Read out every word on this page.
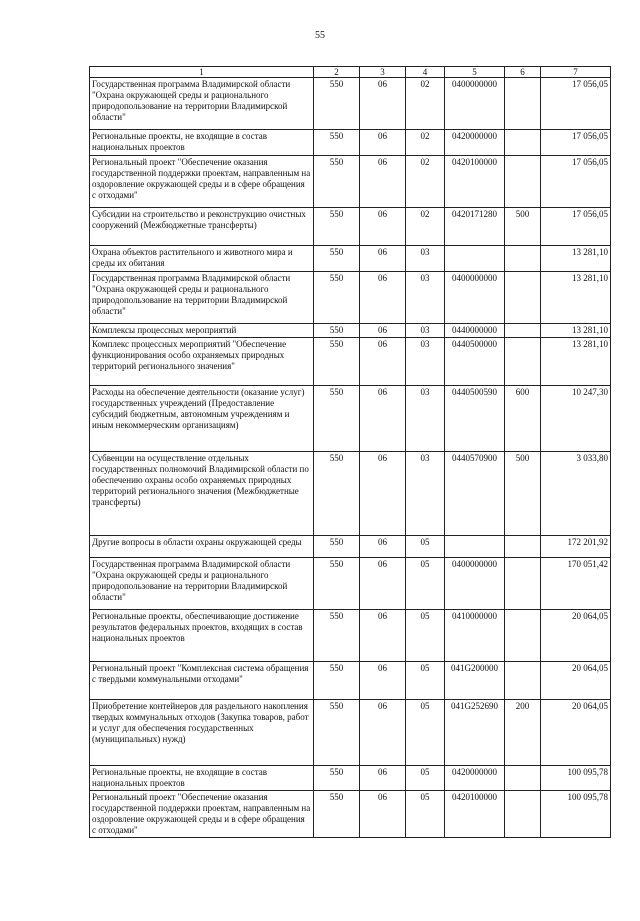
55
1	2	3	4	5	6	7
Государственная программа Владимирской области "Охрана окружающей среды и рационального природопользование на территории Владимирской области"	550	06	02	0400000000		17 056,05
Региональные проекты, не входящие в состав национальных проектов	550	06	02	0420000000		17 056,05
Региональный проект "Обеспечение оказания государственной поддержки проектам, направленным на оздоровление окружающей среды и в сфере обращения с отходами"	550	06	02	0420100000		17 056,05
Субсидии на строительство и реконструкцию очистных сооружений (Межбюджетные трансферты)	550	06	02	0420171280	500	17 056,05
Охрана объектов растительного и животного мира и среды их обитания	550	06	03			13 281,10
Государственная программа Владимирской области "Охрана окружающей среды и рационального природопользование на территории Владимирской области"	550	06	03	0400000000		13 281,10
Комплексы процессных мероприятий	550	06	03	0440000000		13 281,10
Комплекс процессных мероприятий "Обеспечение функционирования особо охраняемых природных территорий регионального значения"	550	06	03	0440500000		13 281,10
Расходы на обеспечение деятельности (оказание услуг) государственных учреждений (Предоставление субсидий бюджетным, автономным учреждениям и иным некоммерческим организациям)	550	06	03	0440500590	600	10 247,30
Субвенции на осуществление отдельных государственных полномочий Владимирской области по обеспечению охраны особо охраняемых природных территорий регионального значения (Межбюджетные трансферты)	550	06	03	0440570900	500	3 033,80
Другие вопросы в области охраны окружающей среды	550	06	05			172 201,92
Государственная программа Владимирской области "Охрана окружающей среды и рационального природопользование на территории Владимирской области"	550	06	05	0400000000		170 051,42
Региональные проекты, обеспечивающие достижение результатов федеральных проектов, входящих в состав национальных проектов	550	06	05	0410000000		20 064,05
Региональный проект "Комплексная система обращения с твердыми коммунальными отходами"	550	06	05	041G200000		20 064,05
Приобретение контейнеров для раздельного накопления твердых коммунальных отходов (Закупка товаров, работ и услуг для обеспечения государственных (муниципальных) нужд)	550	06	05	041G252690	200	20 064,05
Региональные проекты, не входящие в состав национальных проектов	550	06	05	0420000000		100 095,78
Региональный проект "Обеспечение оказания государственной поддержки проектам, направленным на оздоровление окружающей среды и в сфере обращения с отходами"	550	06	05	0420100000		100 095,78
